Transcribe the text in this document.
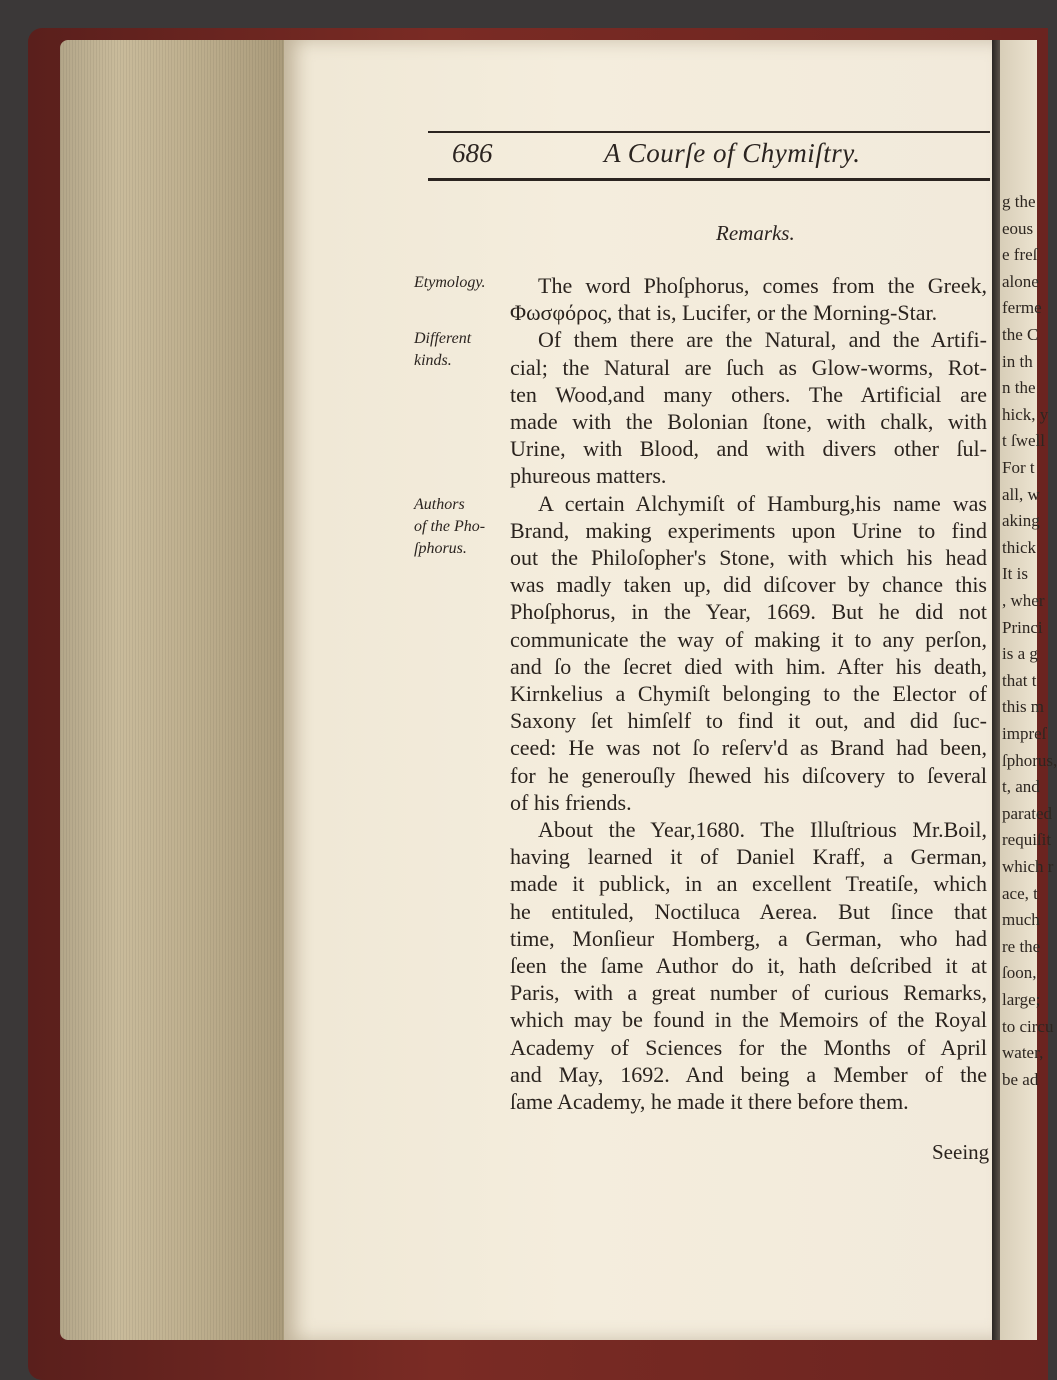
g the
eous
e freſ
alone
ferme
the C
in th
n the
hick, y
t ſwell
For t
all, w
aking
thick
It is
, wher
Princi
is a g
that t
this m
impreſ
ſphorus,
t, and
parated
requiſit
which r
ace, t
much
re the
ſoon,
large;
to circu
water,
be ad
686	A Courſe of Chymiſtry.
Remarks.
Etymology.
Different
kinds.
Authors
of the Pho-
ſphorus.
The word Phoſphorus, comes from the Greek,
Φωσφόρος, that is, Lucifer, or the Morning-Star.
Of them there are the Natural, and the Artifi-
cial; the Natural are ſuch as Glow-worms, Rot-
ten Wood,and many others. The Artificial are
made with the Bolonian ſtone, with chalk, with
Urine, with Blood, and with divers other ſul-
phureous matters.
A certain Alchymiſt of Hamburg,his name was
Brand, making experiments upon Urine to find
out the Philoſopher's Stone, with which his head
was madly taken up, did diſcover by chance this
Phoſphorus, in the Year, 1669. But he did not
communicate the way of making it to any perſon,
and ſo the ſecret died with him. After his death,
Kirnkelius a Chymiſt belonging to the Elector of
Saxony ſet himſelf to find it out, and did ſuc-
ceed: He was not ſo reſerv'd as Brand had been,
for he generouſly ſhewed his diſcovery to ſeveral
of his friends.
About the Year,1680. The Illuſtrious Mr.Boil,
having learned it of Daniel Kraff, a German,
made it publick, in an excellent Treatiſe, which
he entituled, Noctiluca Aerea. But ſince that
time, Monſieur Homberg, a German, who had
ſeen the ſame Author do it, hath deſcribed it at
Paris, with a great number of curious Remarks,
which may be found in the Memoirs of the Royal
Academy of Sciences for the Months of April
and May, 1692. And being a Member of the
ſame Academy, he made it there before them.
Seeing
